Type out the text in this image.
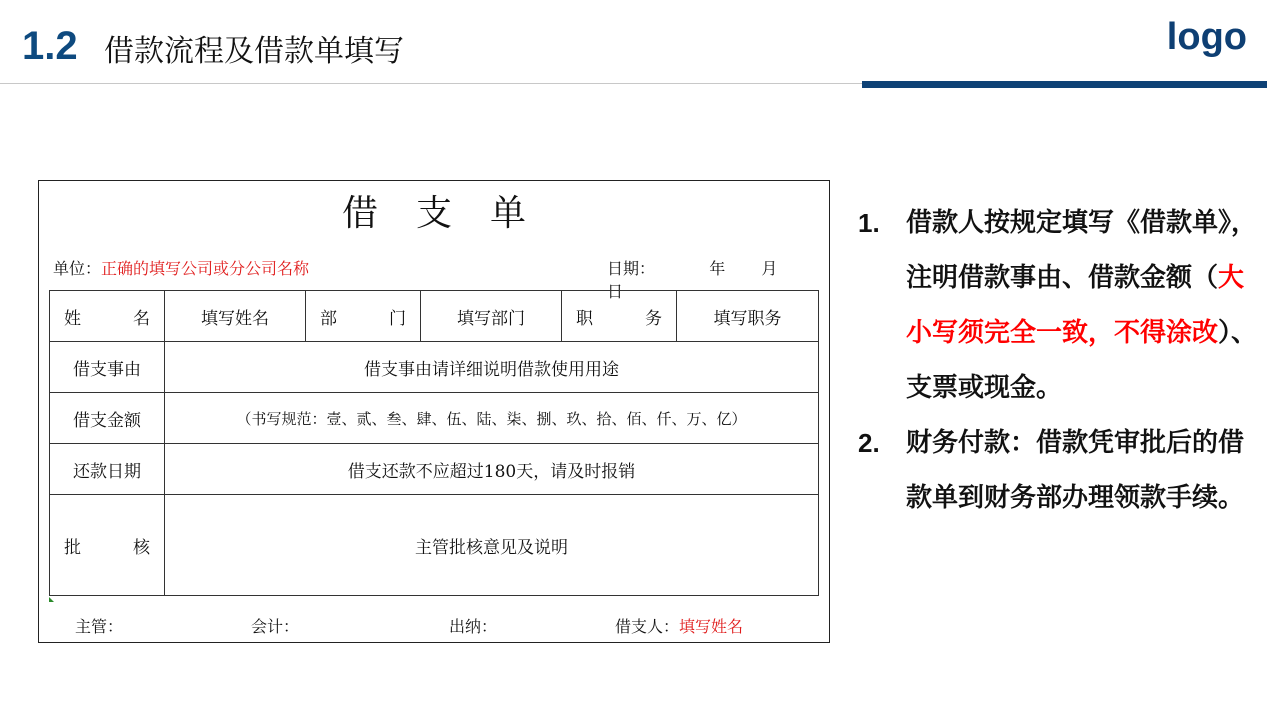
1.2 借款流程及借款单填写	logo
借支单
单位：正确的填写公司或分公司名称	日期：	年 月  日
姓 名	填写姓名	部 门	填写部门	职 务	填写职务
借支事由	借支事由请详细说明借款使用用途				
借支金额	（书写规范：壹、贰、叁、肆、伍、陆、柒、捌、玖、拾、佰、仟、万、亿）				
还款日期	借支还款不应超过180天，请及时报销				

批 核	主管批核意见及说明				
主管：	会计：	出纳：	借支人：填写姓名
1.	借款人按规定填写《借款单》，注明借款事由、借款金额（大小写须完全一致，不得涂改）、支票或现金。
2.	财务付款：借款凭审批后的借款单到财务部办理领款手续。
